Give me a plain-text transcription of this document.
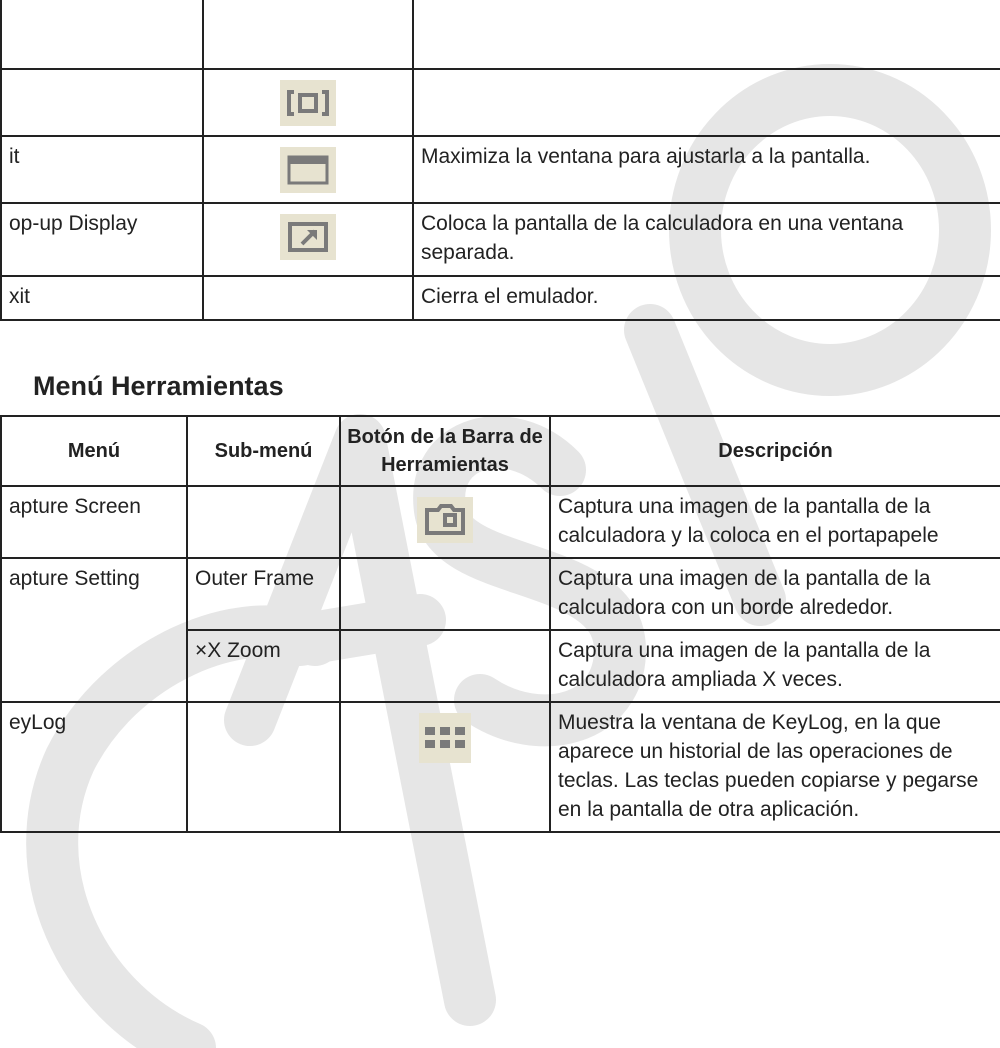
it		Maximiza la ventana para ajustarla a la pantalla.
op-up Display		Coloca la pantalla de la calculadora en una ventana separada.
xit		Cierra el emulador.
Menú Herramientas
Menú	Sub-menú	Botón de la Barra de Herramientas	Descripción
apture Screen			Captura una imagen de la pantalla de la calculadora y la coloca en el portapapele
apture Setting	Outer Frame		Captura una imagen de la pantalla de la calculadora con un borde alrededor.
	×X Zoom		Captura una imagen de la pantalla de la calculadora ampliada X veces.
eyLog			Muestra la ventana de KeyLog, en la que aparece un historial de las operaciones de teclas. Las teclas pueden copiarse y pegarse en la pantalla de otra aplicación.
